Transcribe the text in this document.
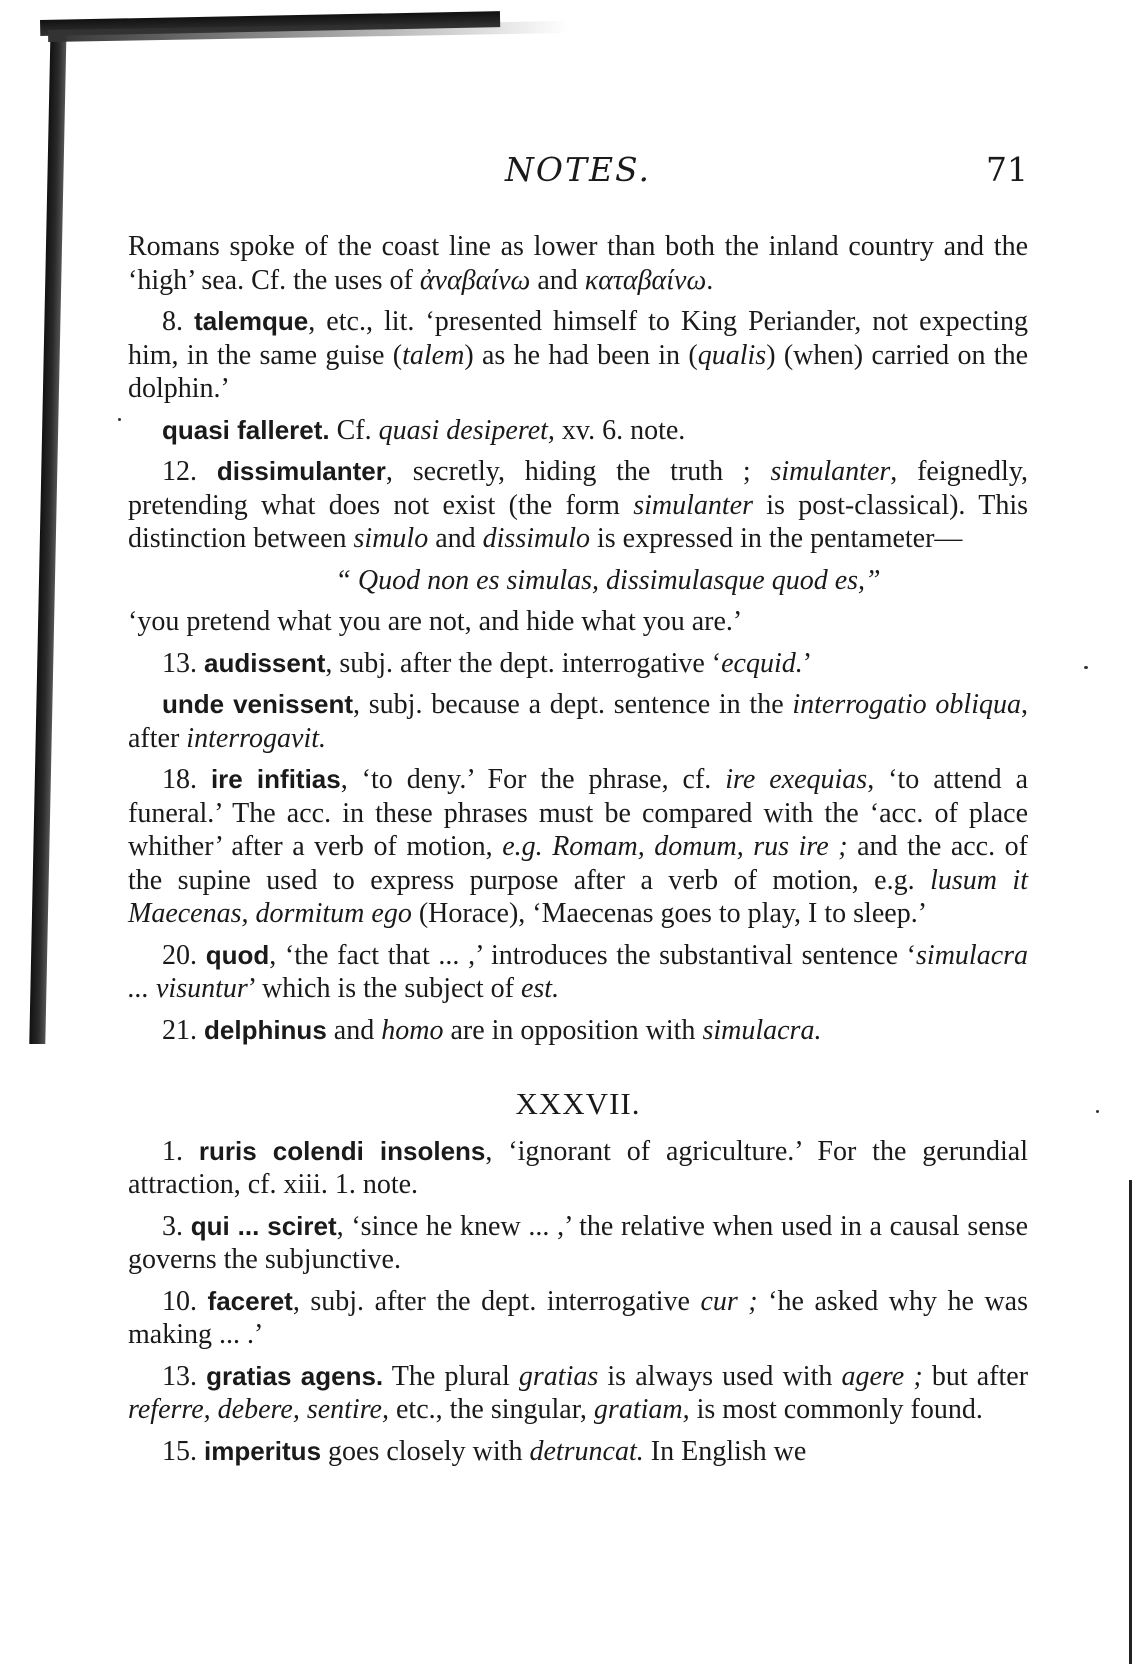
NOTES.	71

Romans spoke of the coast line as lower than both the inland country and the ‘high’ sea. Cf. the uses of ἀναβαίνω and καταβαίνω.

8. talemque, etc., lit. ‘presented himself to King Periander, not expecting him, in the same guise (talem) as he had been in (qualis) (when) carried on the dolphin.’

quasi falleret. Cf. quasi desiperet, xv. 6. note.

12. dissimulanter, secretly, hiding the truth ; simulanter, feignedly, pretending what does not exist (the form simulanter is post-classical). This distinction between simulo and dissimulo is expressed in the pentameter—

“ Quod non es simulas, dissimulasque quod es,”

‘you pretend what you are not, and hide what you are.’

13. audissent, subj. after the dept. interrogative ‘ecquid.’

unde venissent, subj. because a dept. sentence in the interrogatio obliqua, after interrogavit.

18. ire infitias, ‘to deny.’ For the phrase, cf. ire exequias, ‘to attend a funeral.’ The acc. in these phrases must be compared with the ‘acc. of place whither’ after a verb of motion, e.g. Romam, domum, rus ire ; and the acc. of the supine used to express purpose after a verb of motion, e.g. lusum it Maecenas, dormitum ego (Horace), ‘Maecenas goes to play, I to sleep.’

20. quod, ‘the fact that ... ,’ introduces the substantival sentence ‘simulacra ... visuntur’ which is the subject of est.

21. delphinus and homo are in opposition with simulacra.

XXXVII.

1. ruris colendi insolens, ‘ignorant of agriculture.’ For the gerundial attraction, cf. xiii. 1. note.

3. qui ... sciret, ‘since he knew ... ,’ the relative when used in a causal sense governs the subjunctive.

10. faceret, subj. after the dept. interrogative cur ; ‘he asked why he was making ... .’

13. gratias agens. The plural gratias is always used with agere ; but after referre, debere, sentire, etc., the singular, gratiam, is most commonly found.

15. imperitus goes closely with detruncat. In English we
